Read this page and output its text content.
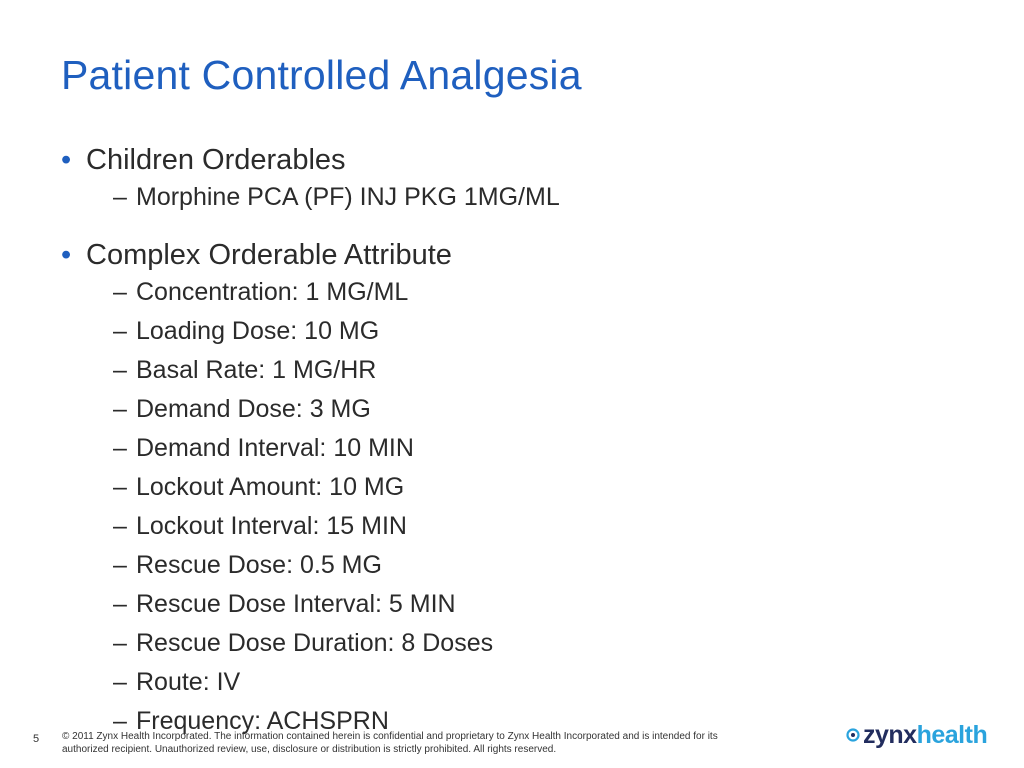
Patient Controlled Analgesia
• Children Orderables
– Morphine PCA (PF) INJ PKG 1MG/ML
• Complex Orderable Attribute
– Concentration: 1 MG/ML
– Loading Dose: 10 MG
– Basal Rate: 1 MG/HR
– Demand Dose: 3 MG
– Demand Interval: 10 MIN
– Lockout Amount: 10 MG
– Lockout Interval: 15 MIN
– Rescue Dose: 0.5 MG
– Rescue Dose Interval: 5 MIN
– Rescue Dose Duration: 8 Doses
– Route: IV
– Frequency: ACHSPRN
5 © 2011 Zynx Health Incorporated. The information contained herein is confidential and proprietary to Zynx Health Incorporated and is intended for its
authorized recipient. Unauthorized review, use, disclosure or distribution is strictly prohibited. All rights reserved.
zynx health
